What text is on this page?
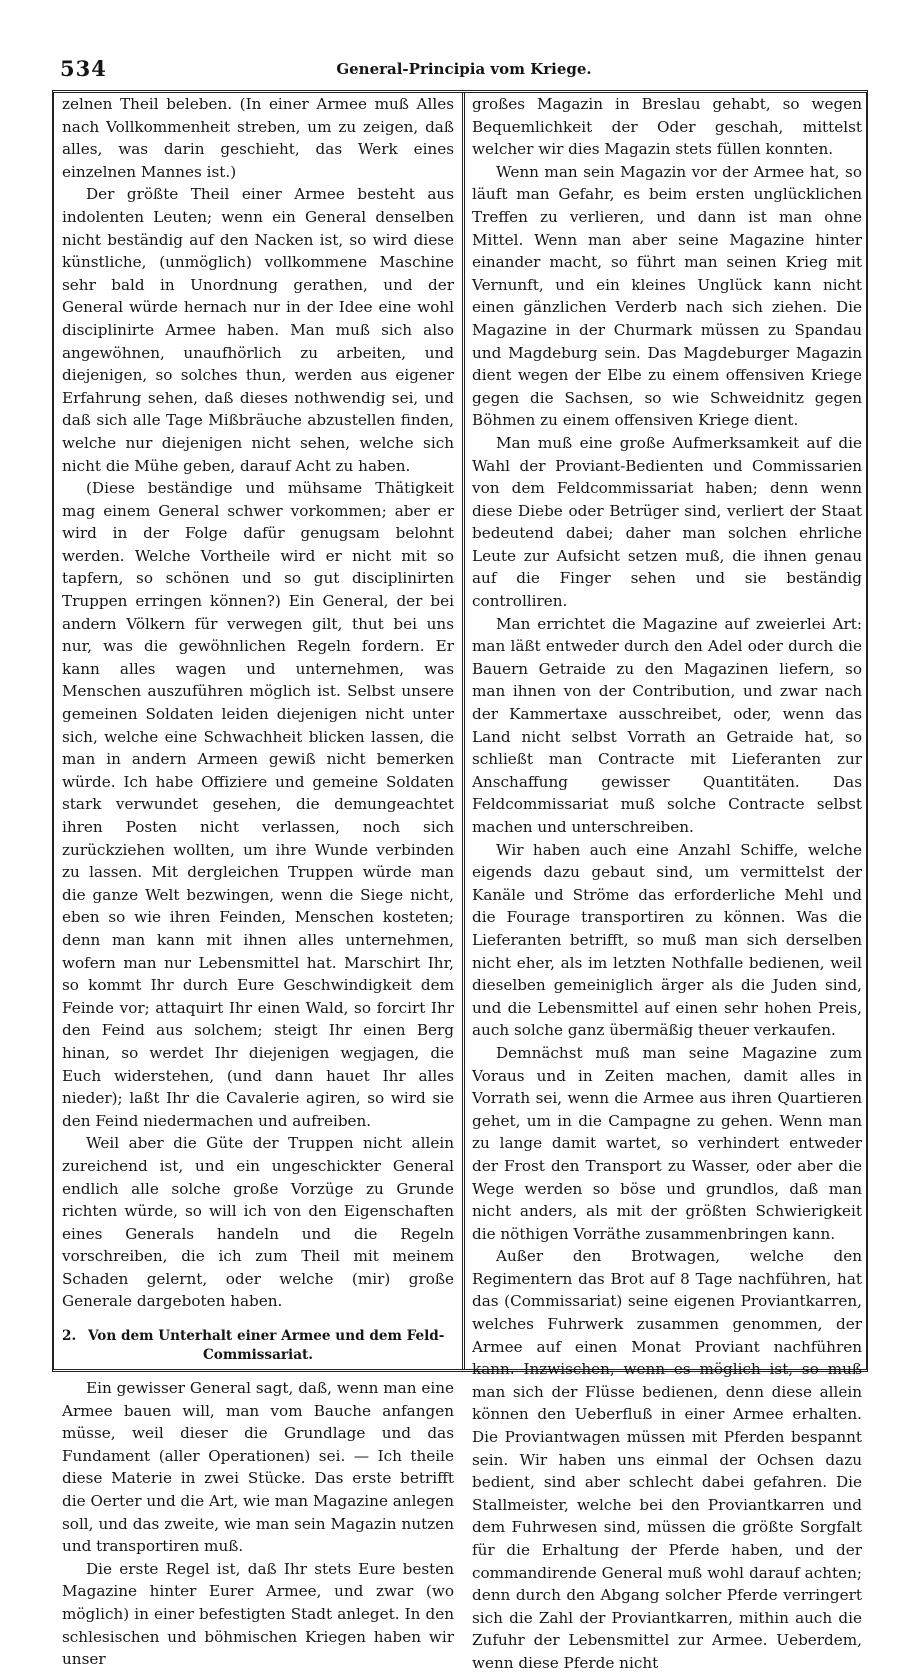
534	General-Principia vom Kriege.

zelnen Theil beleben. (In einer Armee muß Alles nach Vollkommenheit streben, um zu zeigen, daß alles, was darin geschieht, das Werk eines einzelnen Mannes ist.)

Der größte Theil einer Armee besteht aus indolenten Leuten; wenn ein General denselben nicht beständig auf den Nacken ist, so wird diese künstliche, (unmöglich) vollkommene Maschine sehr bald in Unordnung gerathen, und der General würde hernach nur in der Idee eine wohl disciplinirte Armee haben. Man muß sich also angewöhnen, unaufhörlich zu arbeiten, und diejenigen, so solches thun, werden aus eigener Erfahrung sehen, daß dieses nothwendig sei, und daß sich alle Tage Mißbräuche abzustellen finden, welche nur diejenigen nicht sehen, welche sich nicht die Mühe geben, darauf Acht zu haben.

(Diese beständige und mühsame Thätigkeit mag einem General schwer vorkommen; aber er wird in der Folge dafür genugsam belohnt werden. Welche Vortheile wird er nicht mit so tapfern, so schönen und so gut disciplinirten Truppen erringen können?) Ein General, der bei andern Völkern für verwegen gilt, thut bei uns nur, was die gewöhnlichen Regeln fordern. Er kann alles wagen und unternehmen, was Menschen auszuführen möglich ist. Selbst unsere gemeinen Soldaten leiden diejenigen nicht unter sich, welche eine Schwachheit blicken lassen, die man in andern Armeen gewiß nicht bemerken würde. Ich habe Offiziere und gemeine Soldaten stark verwundet gesehen, die demungeachtet ihren Posten nicht verlassen, noch sich zurückziehen wollten, um ihre Wunde verbinden zu lassen. Mit dergleichen Truppen würde man die ganze Welt bezwingen, wenn die Siege nicht, eben so wie ihren Feinden, Menschen kosteten; denn man kann mit ihnen alles unternehmen, wofern man nur Lebensmittel hat. Marschirt Ihr, so kommt Ihr durch Eure Geschwindigkeit dem Feinde vor; attaquirt Ihr einen Wald, so forcirt Ihr den Feind aus solchem; steigt Ihr einen Berg hinan, so werdet Ihr diejenigen wegjagen, die Euch widerstehen, (und dann hauet Ihr alles nieder); laßt Ihr die Cavalerie agiren, so wird sie den Feind niedermachen und aufreiben.

Weil aber die Güte der Truppen nicht allein zureichend ist, und ein ungeschickter General endlich alle solche große Vorzüge zu Grunde richten würde, so will ich von den Eigenschaften eines Generals handeln und die Regeln vorschreiben, die ich zum Theil mit meinem Schaden gelernt, oder welche (mir) große Generale dargeboten haben.

2. Von dem Unterhalt einer Armee und dem Feld-
Commissariat.

Ein gewisser General sagt, daß, wenn man eine Armee bauen will, man vom Bauche anfangen müsse, weil dieser die Grundlage und das Fundament (aller Operationen) sei. — Ich theile diese Materie in zwei Stücke. Das erste betrifft die Oerter und die Art, wie man Magazine anlegen soll, und das zweite, wie man sein Magazin nutzen und transportiren muß.

Die erste Regel ist, daß Ihr stets Eure besten Magazine hinter Eurer Armee, und zwar (wo möglich) in einer befestigten Stadt anleget. In den schlesischen und böhmischen Kriegen haben wir unser

großes Magazin in Breslau gehabt, so wegen Bequemlichkeit der Oder geschah, mittelst welcher wir dies Magazin stets füllen konnten.

Wenn man sein Magazin vor der Armee hat, so läuft man Gefahr, es beim ersten unglücklichen Treffen zu verlieren, und dann ist man ohne Mittel. Wenn man aber seine Magazine hinter einander macht, so führt man seinen Krieg mit Vernunft, und ein kleines Unglück kann nicht einen gänzlichen Verderb nach sich ziehen. Die Magazine in der Churmark müssen zu Spandau und Magdeburg sein. Das Magdeburger Magazin dient wegen der Elbe zu einem offensiven Kriege gegen die Sachsen, so wie Schweidnitz gegen Böhmen zu einem offensiven Kriege dient.

Man muß eine große Aufmerksamkeit auf die Wahl der Proviant-Bedienten und Commissarien von dem Feldcommissariat haben; denn wenn diese Diebe oder Betrüger sind, verliert der Staat bedeutend dabei; daher man solchen ehrliche Leute zur Aufsicht setzen muß, die ihnen genau auf die Finger sehen und sie beständig controlliren.

Man errichtet die Magazine auf zweierlei Art: man läßt entweder durch den Adel oder durch die Bauern Getraide zu den Magazinen liefern, so man ihnen von der Contribution, und zwar nach der Kammertaxe ausschreibet, oder, wenn das Land nicht selbst Vorrath an Getraide hat, so schließt man Contracte mit Lieferanten zur Anschaffung gewisser Quantitäten. Das Feldcommissariat muß solche Contracte selbst machen und unterschreiben.

Wir haben auch eine Anzahl Schiffe, welche eigends dazu gebaut sind, um vermittelst der Kanäle und Ströme das erforderliche Mehl und die Fourage transportiren zu können. Was die Lieferanten betrifft, so muß man sich derselben nicht eher, als im letzten Nothfalle bedienen, weil dieselben gemeiniglich ärger als die Juden sind, und die Lebensmittel auf einen sehr hohen Preis, auch solche ganz übermäßig theuer verkaufen.

Demnächst muß man seine Magazine zum Voraus und in Zeiten machen, damit alles in Vorrath sei, wenn die Armee aus ihren Quartieren gehet, um in die Campagne zu gehen. Wenn man zu lange damit wartet, so verhindert entweder der Frost den Transport zu Wasser, oder aber die Wege werden so böse und grundlos, daß man nicht anders, als mit der größten Schwierigkeit die nöthigen Vorräthe zusammenbringen kann.

Außer den Brotwagen, welche den Regimentern das Brot auf 8 Tage nachführen, hat das (Commissariat) seine eigenen Proviantkarren, welches Fuhrwerk zusammen genommen, der Armee auf einen Monat Proviant nachführen kann. Inzwischen, wenn es möglich ist, so muß man sich der Flüsse bedienen, denn diese allein können den Ueberfluß in einer Armee erhalten. Die Proviantwagen müssen mit Pferden bespannt sein. Wir haben uns einmal der Ochsen dazu bedient, sind aber schlecht dabei gefahren. Die Stallmeister, welche bei den Proviantkarren und dem Fuhrwesen sind, müssen die größte Sorgfalt für die Erhaltung der Pferde haben, und der commandirende General muß wohl darauf achten; denn durch den Abgang solcher Pferde verringert sich die Zahl der Proviantkarren, mithin auch die Zufuhr der Lebensmittel zur Armee. Ueberdem, wenn diese Pferde nicht
